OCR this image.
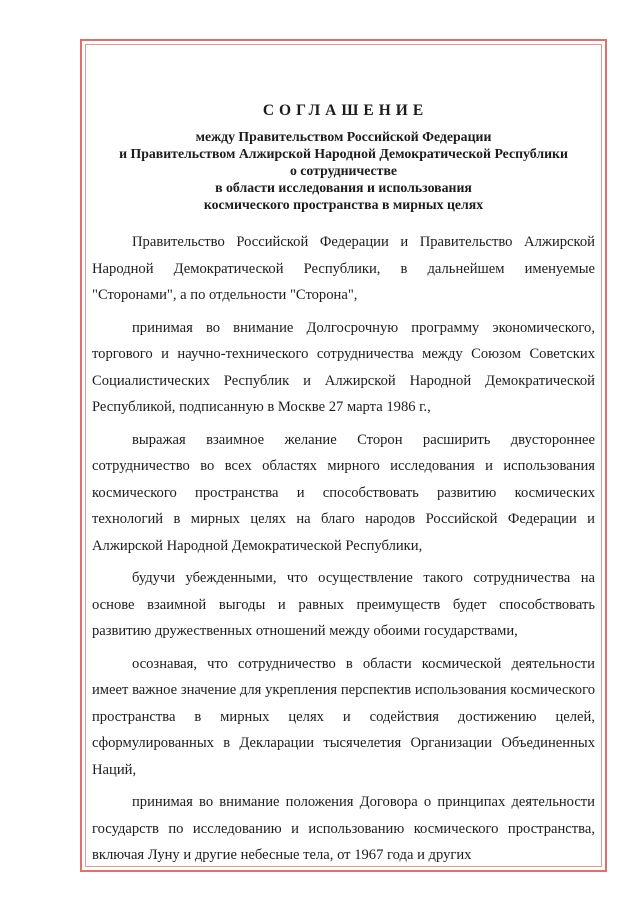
СОГЛАШЕНИЕ
между Правительством Российской Федерации
и Правительством Алжирской Народной Демократической Республики
о сотрудничестве
в области исследования и использования
космического пространства в мирных целях

Правительство Российской Федерации и Правительство Алжирской Народной Демократической Республики, в дальнейшем именуемые "Сторонами", а по отдельности "Сторона",

принимая во внимание Долгосрочную программу экономического, торгового и научно-технического сотрудничества между Союзом Советских Социалистических Республик и Алжирской Народной Демократической Республикой, подписанную в Москве 27 марта 1986 г.,

выражая взаимное желание Сторон расширить двустороннее сотрудничество во всех областях мирного исследования и использования космического пространства и способствовать развитию космических технологий в мирных целях на благо народов Российской Федерации и Алжирской Народной Демократической Республики,

будучи убежденными, что осуществление такого сотрудничества на основе взаимной выгоды и равных преимуществ будет способствовать развитию дружественных отношений между обоими государствами,

осознавая, что сотрудничество в области космической деятельности имеет важное значение для укрепления перспектив использования космического пространства в мирных целях и содействия достижению целей, сформулированных в Декларации тысячелетия Организации Объединенных Наций,

принимая во внимание положения Договора о принципах деятельности государств по исследованию и использованию космического пространства, включая Луну и другие небесные тела, от 1967 года и других
